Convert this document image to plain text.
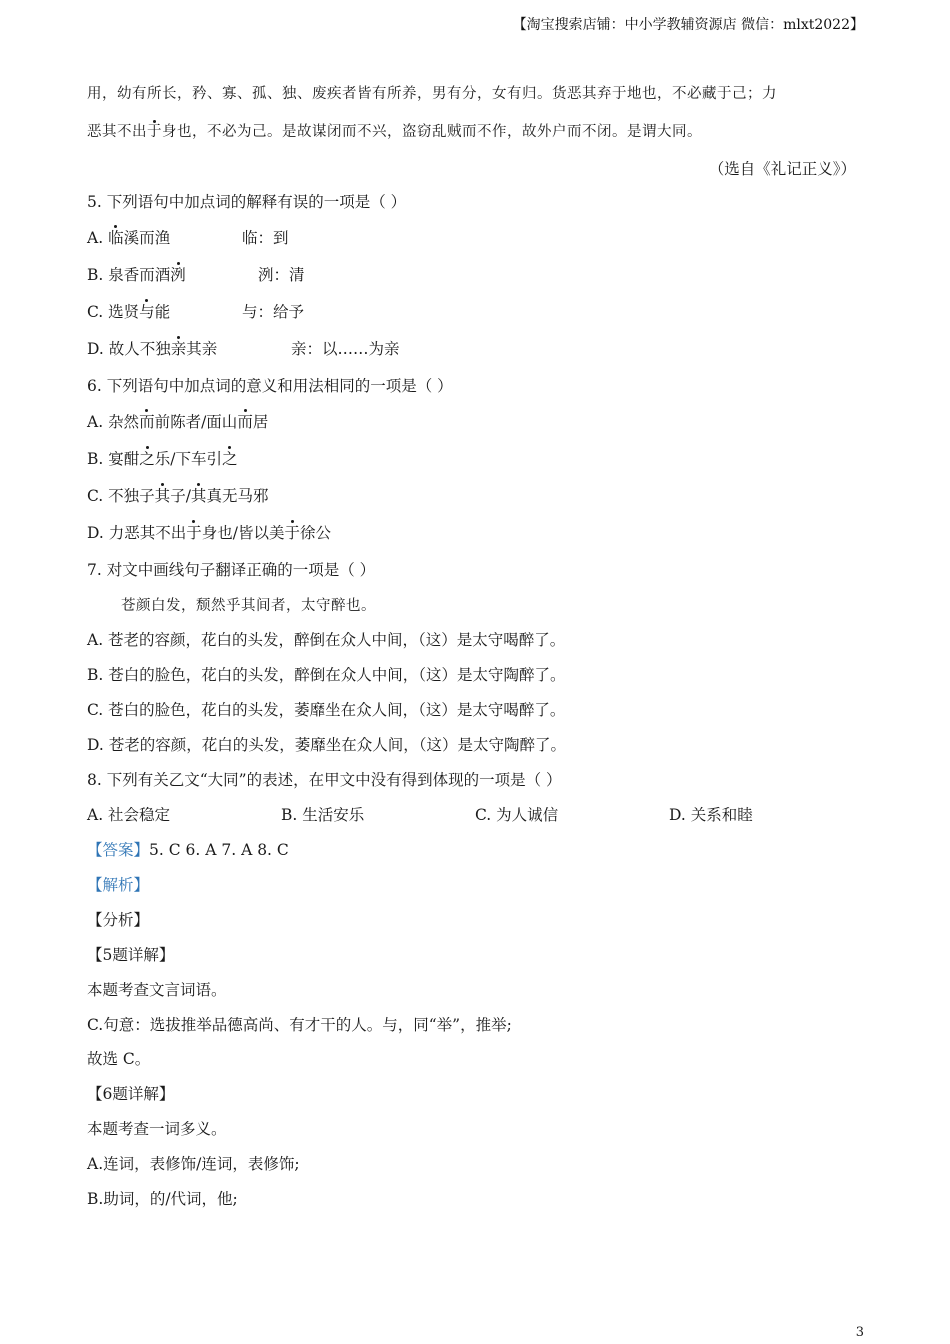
【淘宝搜索店铺：中小学教辅资源店 微信：mlxt2022】
用，幼有所长，矜、寡、孤、独、废疾者皆有所养，男有分，女有归。货恶其弃于地也，不必藏于己；力
恶其不出于身也，不必为己。是故谋闭而不兴，盗窃乱贼而不作，故外户而不闭。是谓大同。
（选自《礼记正义》）
5. 下列语句中加点词的解释有误的一项是（ ）
A. 临溪而渔	临：到
B. 泉香而酒洌	洌：清
C. 选贤与能	与：给予
D. 故人不独亲其亲	亲：以……为亲
6. 下列语句中加点词的意义和用法相同的一项是（ ）
A. 杂然而前陈者/面山而居
B. 宴酣之乐/下车引之
C. 不独子其子/其真无马邪
D. 力恶其不出于身也/皆以美于徐公
7. 对文中画线句子翻译正确的一项是（ ）
苍颜白发，颓然乎其间者，太守醉也。
A. 苍老的容颜，花白的头发，醉倒在众人中间，（这）是太守喝醉了。
B. 苍白的脸色，花白的头发，醉倒在众人中间，（这）是太守陶醉了。
C. 苍白的脸色，花白的头发，萎靡坐在众人间，（这）是太守喝醉了。
D. 苍老的容颜，花白的头发，萎靡坐在众人间，（这）是太守陶醉了。
8. 下列有关乙文“大同”的表述，在甲文中没有得到体现的一项是（ ）
A. 社会稳定	B. 生活安乐	C. 为人诚信	D. 关系和睦
【答案】5. C 6. A 7. A 8. C
【解析】
【分析】
【5题详解】
本题考查文言词语。
C.句意：选拔推举品德高尚、有才干的人。与，同“举”，推举;
故选 C。
【6题详解】
本题考查一词多义。
A.连词，表修饰/连词，表修饰;
B.助词，的/代词，他;
3
